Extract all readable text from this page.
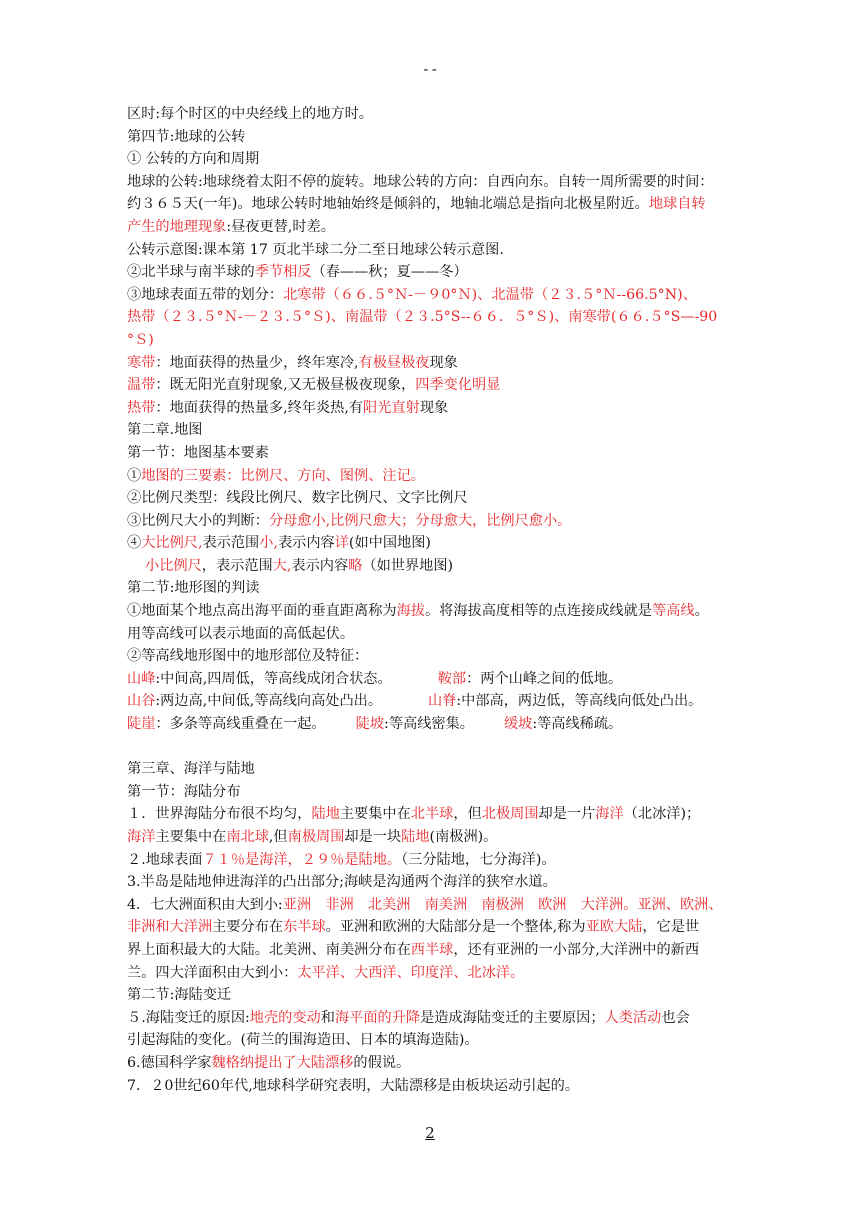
--
区时:每个时区的中央经线上的地方时。
第四节:地球的公转
① 公转的方向和周期
地球的公转:地球绕着太阳不停的旋转。地球公转的方向：自西向东。自转一周所需要的时间：
约３６５天(一年)。地球公转时地轴始终是倾斜的，地轴北端总是指向北极星附近。地球自转
产生的地理现象:昼夜更替,时差。
公转示意图:课本第 17 页北半球二分二至日地球公转示意图.
②北半球与南半球的季节相反（春——秋；夏——冬）
③地球表面五带的划分：北寒带（６６.５°Ｎ-－９0°Ｎ)、北温带（２３.５°Ｎ--66.5°N)、
热带（２３.５°Ｎ-－２３.５°Ｓ)、南温带（２３.5°S--６６．５°Ｓ)、南寒带(６６.５°S—-90
°Ｓ)
寒带：地面获得的热量少，终年寒冷,有极昼极夜现象
温带：既无阳光直射现象,又无极昼极夜现象，四季变化明显
热带：地面获得的热量多,终年炎热,有阳光直射现象
第二章.地图
第一节：地图基本要素
①地图的三要素：比例尺、方向、图例、注记。
②比例尺类型：线段比例尺、数字比例尺、文字比例尺
③比例尺大小的判断：分母愈小,比例尺愈大；分母愈大，比例尺愈小。
④大比例尺,表示范围小,表示内容详(如中国地图)
小比例尺，表示范围大,表示内容略（如世界地图)
第二节:地形图的判读
①地面某个地点高出海平面的垂直距离称为海拔。将海拔高度相等的点连接成线就是等高线。
用等高线可以表示地面的高低起伏。
②等高线地形图中的地形部位及特征：
山峰:中间高,四周低，等高线成闭合状态。	鞍部：两个山峰之间的低地。
山谷:两边高,中间低,等高线向高处凸出。	山脊:中部高，两边低，等高线向低处凸出。
陡崖：多条等高线重叠在一起。 陡坡:等高线密集。 缓坡:等高线稀疏。
第三章、海洋与陆地
第一节：海陆分布
１．世界海陆分布很不均匀，陆地主要集中在北半球，但北极周围却是一片海洋（北冰洋)；
海洋主要集中在南北球,但南极周围却是一块陆地(南极洲)。
２.地球表面７１％是海洋，２９％是陆地。（三分陆地，七分海洋)。
3.半岛是陆地伸进海洋的凸出部分;海峡是沟通两个海洋的狭窄水道。
4．七大洲面积由大到小:亚洲　非洲　北美洲　南美洲　南极洲　欧洲　大洋洲。亚洲、欧洲、
非洲和大洋洲主要分布在东半球。亚洲和欧洲的大陆部分是一个整体,称为亚欧大陆，它是世
界上面积最大的大陆。北美洲、南美洲分布在西半球，还有亚洲的一小部分,大洋洲中的新西
兰。四大洋面积由大到小：太平洋、大西洋、印度洋、北冰洋。
第二节:海陆变迁
５.海陆变迁的原因:地壳的变动和海平面的升降是造成海陆变迁的主要原因；人类活动也会
引起海陆的变化。(荷兰的围海造田、日本的填海造陆)。
6.德国科学家魏格纳提出了大陆漂移的假说。
7．２0世纪60年代,地球科学研究表明，大陆漂移是由板块运动引起的。
2
